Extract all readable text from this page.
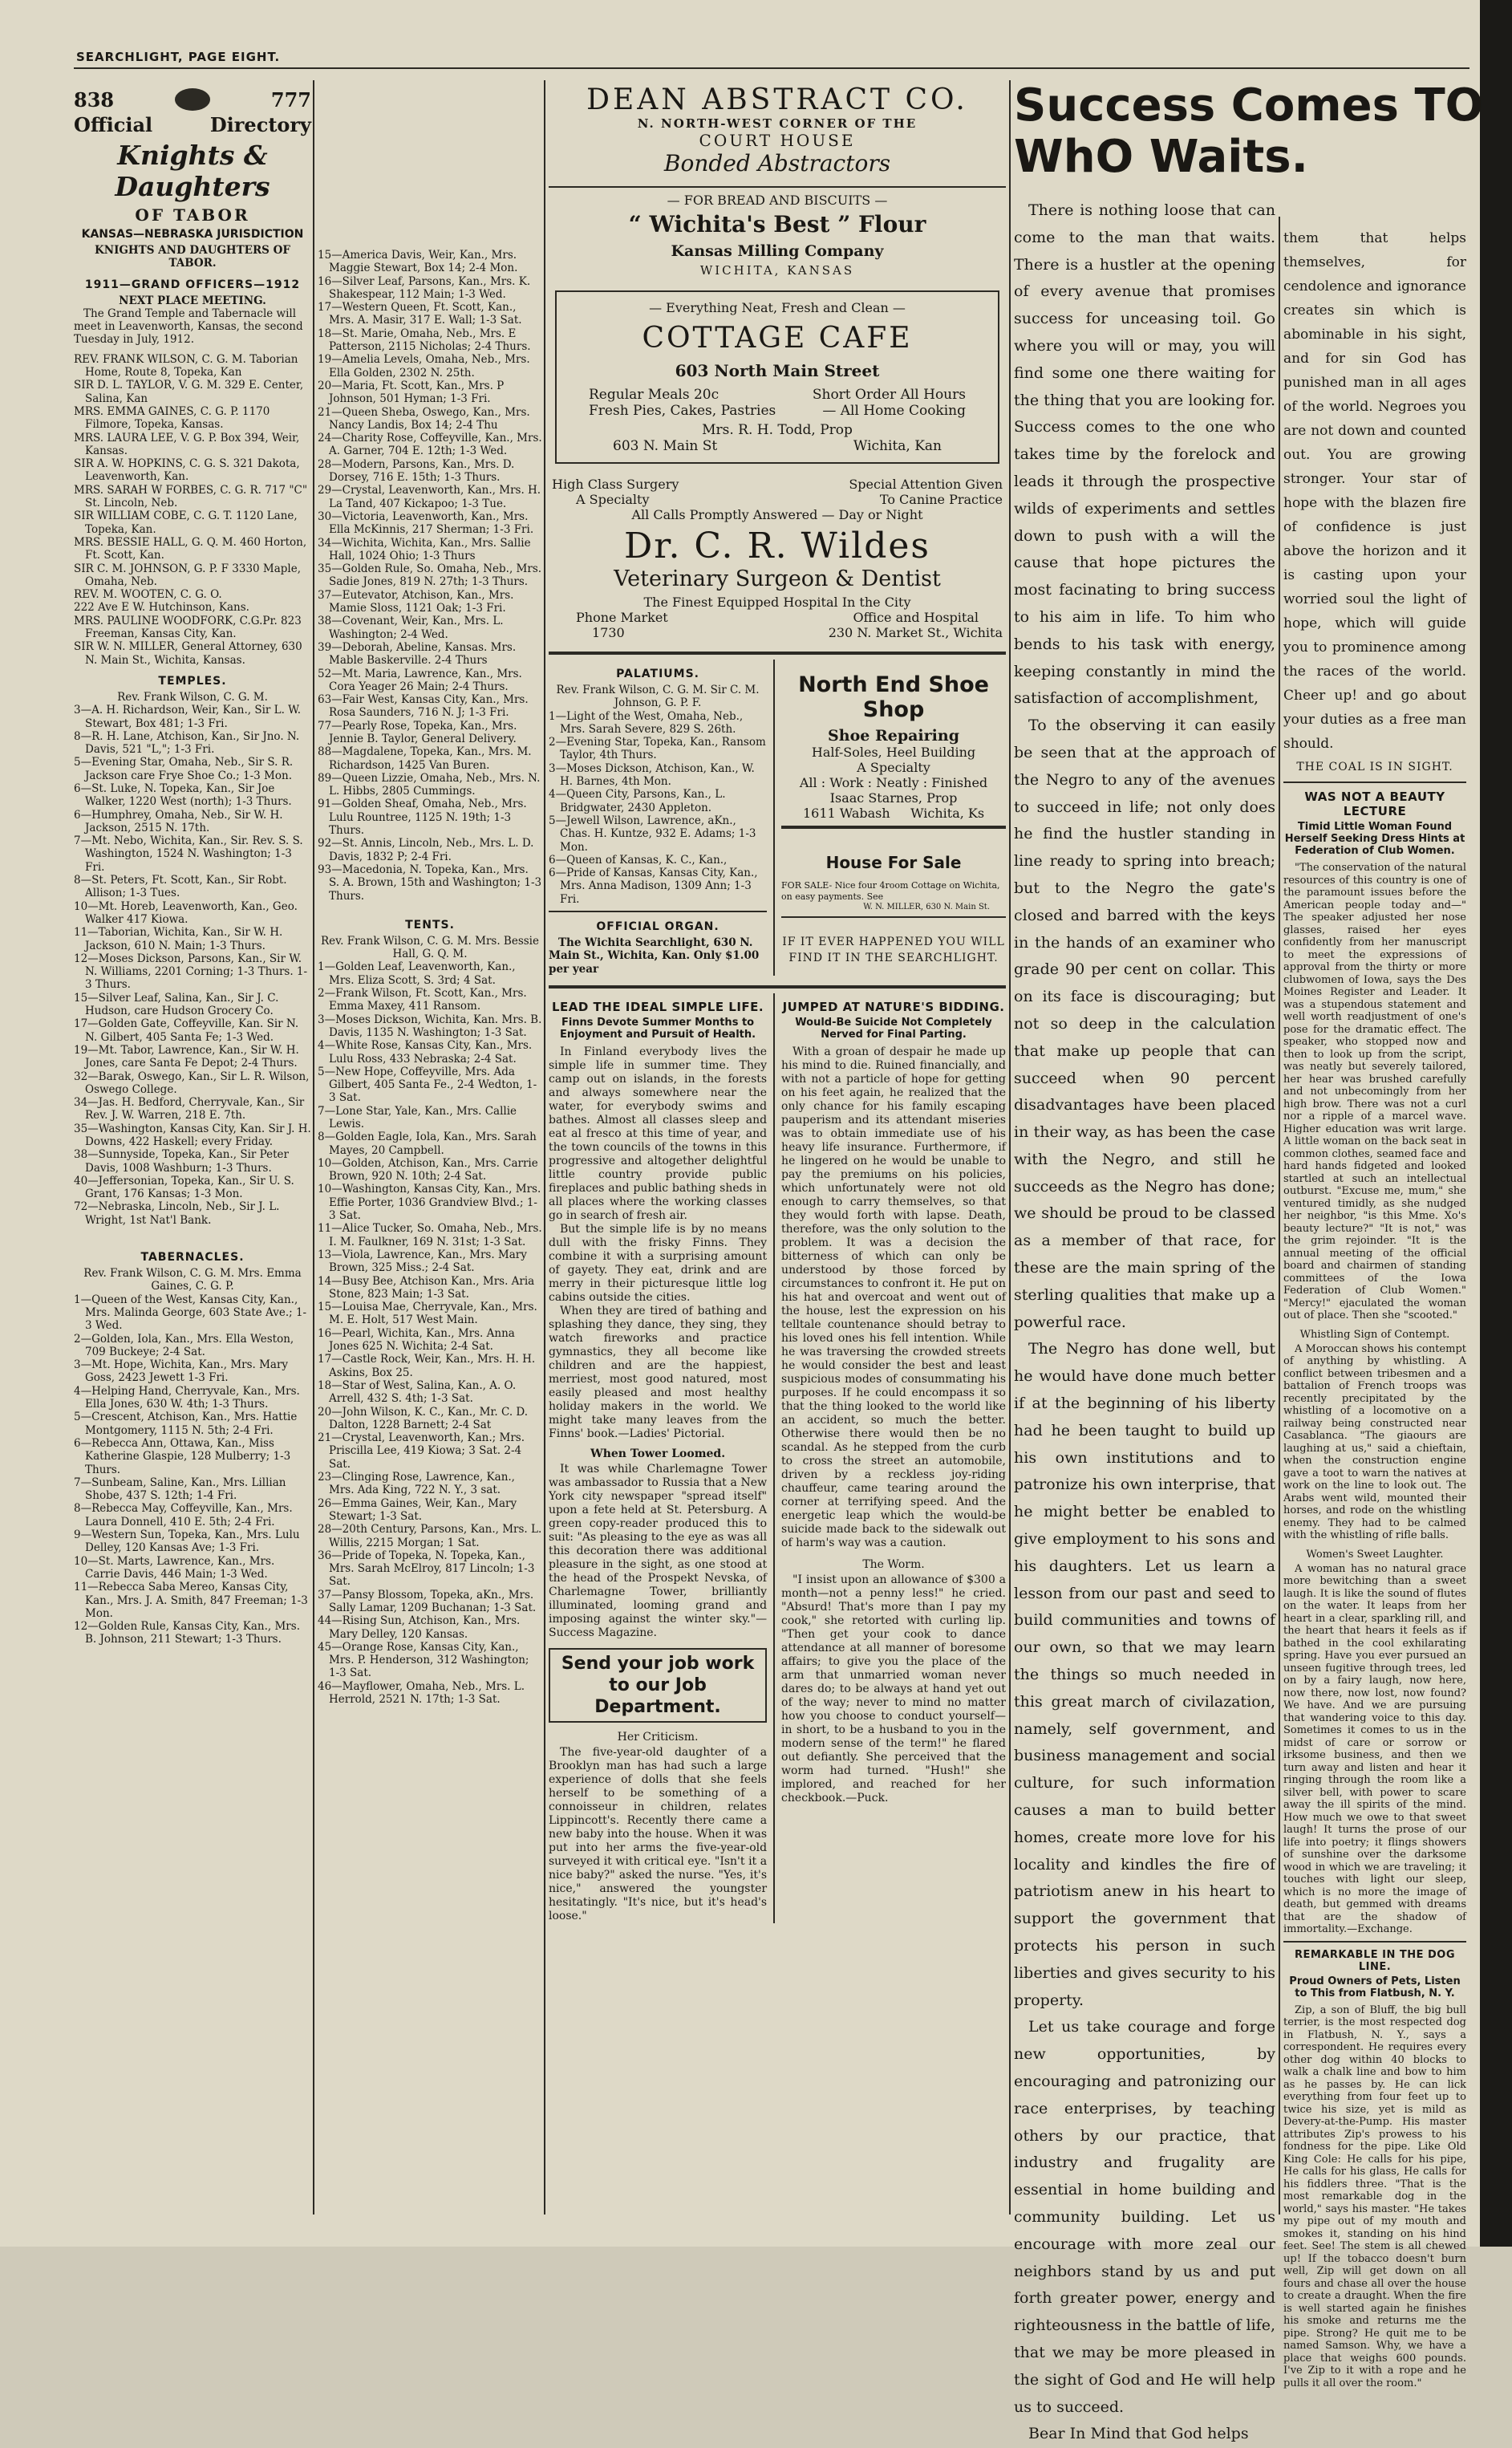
SEARCHLIGHT, PAGE EIGHT.
838	777
Official	Directory
Knights & Daughters
OF TABOR
KANSAS—NEBRASKA JURISDICTION
KNIGHTS AND DAUGHTERS OF TABOR.
1911—GRAND OFFICERS—1912
NEXT PLACE MEETING.
The Grand Temple and Tabernacle will meet in Leavenworth, Kansas, the second Tuesday in July, 1912.
REV. FRANK WILSON, C. G. M. Taborian Home, Route 8, Topeka, Kan
SIR D. L. TAYLOR, V. G. M. 329 E. Center, Salina, Kan
MRS. EMMA GAINES, C. G. P. 1170 Filmore, Topeka, Kansas.
MRS. LAURA LEE, V. G. P. Box 394, Weir, Kansas.
SIR A. W. HOPKINS, C. G. S. 321 Dakota, Leavenworth, Kan.
MRS. SARAH W FORBES, C. G. R. 717 "C" St. Lincoln, Neb.
SIR WILLIAM COBE, C. G. T. 1120 Lane, Topeka, Kan.
MRS. BESSIE HALL, G. Q. M. 460 Horton, Ft. Scott, Kan.
SIR C. M. JOHNSON, G. P. F 3330 Maple, Omaha, Neb.
REV. M. WOOTEN, C. G. O.
222 Ave E W. Hutchinson, Kans.
MRS. PAULINE WOODFORK, C.G.Pr. 823 Freeman, Kansas City, Kan.
SIR W. N. MILLER, General Attorney, 630 N. Main St., Wichita, Kansas.
TEMPLES.
Rev. Frank Wilson, C. G. M.
3—A. H. Richardson, Weir, Kan., Sir L. W. Stewart, Box 481; 1-3 Fri.
8—R. H. Lane, Atchison, Kan., Sir Jno. N. Davis, 521 "L,"; 1-3 Fri.
5—Evening Star, Omaha, Neb., Sir S. R. Jackson care Frye Shoe Co.; 1-3 Mon.
6—St. Luke, N. Topeka, Kan., Sir Joe Walker, 1220 West (north); 1-3 Thurs.
6—Humphrey, Omaha, Neb., Sir W. H. Jackson, 2515 N. 17th.
7—Mt. Nebo, Wichita, Kan., Sir. Rev. S. S. Washington, 1524 N. Washington; 1-3 Fri.
8—St. Peters, Ft. Scott, Kan., Sir Robt. Allison; 1-3 Tues.
10—Mt. Horeb, Leavenworth, Kan., Geo. Walker 417 Kiowa.
11—Taborian, Wichita, Kan., Sir W. H. Jackson, 610 N. Main; 1-3 Thurs.
12—Moses Dickson, Parsons, Kan., Sir W. N. Williams, 2201 Corning; 1-3 Thurs. 1-3 Thurs.
15—Silver Leaf, Salina, Kan., Sir J. C. Hudson, care Hudson Grocery Co.
17—Golden Gate, Coffeyville, Kan. Sir N. N. Gilbert, 405 Santa Fe; 1-3 Wed.
19—Mt. Tabor, Lawrence, Kan., Sir W. H. Jones, care Santa Fe Depot; 2-4 Thurs.
32—Barak, Oswego, Kan., Sir L. R. Wilson, Oswego College.
34—Jas. H. Bedford, Cherryvale, Kan., Sir Rev. J. W. Warren, 218 E. 7th.
35—Washington, Kansas City, Kan. Sir J. H. Downs, 422 Haskell; every Friday.
38—Sunnyside, Topeka, Kan., Sir Peter Davis, 1008 Washburn; 1-3 Thurs.
40—Jeffersonian, Topeka, Kan., Sir U. S. Grant, 176 Kansas; 1-3 Mon.
72—Nebraska, Lincoln, Neb., Sir J. L. Wright, 1st Nat'l Bank.
TABERNACLES.
Rev. Frank Wilson, C. G. M. Mrs. Emma Gaines, C. G. P.
1—Queen of the West, Kansas City, Kan., Mrs. Malinda George, 603 State Ave.; 1-3 Wed.
2—Golden, Iola, Kan., Mrs. Ella Weston, 709 Buckeye; 2-4 Sat.
3—Mt. Hope, Wichita, Kan., Mrs. Mary Goss, 2423 Jewett 1-3 Fri.
4—Helping Hand, Cherryvale, Kan., Mrs. Ella Jones, 630 W. 4th; 1-3 Thurs.
5—Crescent, Atchison, Kan., Mrs. Hattie Montgomery, 1115 N. 5th; 2-4 Fri.
6—Rebecca Ann, Ottawa, Kan., Miss Katherine Glaspie, 128 Mulberry; 1-3 Thurs.
7—Sunbeam, Saline, Kan., Mrs. Lillian Shobe, 437 S. 12th; 1-4 Fri.
8—Rebecca May, Coffeyville, Kan., Mrs. Laura Donnell, 410 E. 5th; 2-4 Fri.
9—Western Sun, Topeka, Kan., Mrs. Lulu Delley, 120 Kansas Ave; 1-3 Fri.
10—St. Marts, Lawrence, Kan., Mrs. Carrie Davis, 446 Main; 1-3 Wed.
11—Rebecca Saba Mereo, Kansas City, Kan., Mrs. J. A. Smith, 847 Freeman; 1-3 Mon.
12—Golden Rule, Kansas City, Kan., Mrs. B. Johnson, 211 Stewart; 1-3 Thurs.
15—America Davis, Weir, Kan., Mrs. Maggie Stewart, Box 14; 2-4 Mon.
16—Silver Leaf, Parsons, Kan., Mrs. K. Shakespear, 112 Main; 1-3 Wed.
17—Western Queen, Ft. Scott, Kan., Mrs. A. Masir, 317 E. Wall; 1-3 Sat.
18—St. Marie, Omaha, Neb., Mrs. E Patterson, 2115 Nicholas; 2-4 Thurs.
19—Amelia Levels, Omaha, Neb., Mrs. Ella Golden, 2302 N. 25th.
20—Maria, Ft. Scott, Kan., Mrs. P Johnson, 501 Hyman; 1-3 Fri.
21—Queen Sheba, Oswego, Kan., Mrs. Nancy Landis, Box 14; 2-4 Thu
24—Charity Rose, Coffeyville, Kan., Mrs. A. Garner, 704 E. 12th; 1-3 Wed.
28—Modern, Parsons, Kan., Mrs. D. Dorsey, 716 E. 15th; 1-3 Thurs.
29—Crystal, Leavenworth, Kan., Mrs. H. La Tand, 407 Kickapoo; 1-3 Tue.
30—Victoria, Leavenworth, Kan., Mrs. Ella McKinnis, 217 Sherman; 1-3 Fri.
34—Wichita, Wichita, Kan., Mrs. Sallie Hall, 1024 Ohio; 1-3 Thurs
35—Golden Rule, So. Omaha, Neb., Mrs. Sadie Jones, 819 N. 27th; 1-3 Thurs.
37—Eutevator, Atchison, Kan., Mrs. Mamie Sloss, 1121 Oak; 1-3 Fri.
38—Covenant, Weir, Kan., Mrs. L. Washington; 2-4 Wed.
39—Deborah, Abeline, Kansas. Mrs. Mable Baskerville. 2-4 Thurs
52—Mt. Maria, Lawrence, Kan., Mrs. Cora Yeager 26 Main; 2-4 Thurs.
63—Fair West, Kansas City, Kan., Mrs. Rosa Saunders, 716 N. J; 1-3 Fri.
77—Pearly Rose, Topeka, Kan., Mrs. Jennie B. Taylor, General Delivery.
88—Magdalene, Topeka, Kan., Mrs. M. Richardson, 1425 Van Buren.
89—Queen Lizzie, Omaha, Neb., Mrs. N. L. Hibbs, 2805 Cummings.
91—Golden Sheaf, Omaha, Neb., Mrs. Lulu Rountree, 1125 N. 19th; 1-3 Thurs.
92—St. Annis, Lincoln, Neb., Mrs. L. D. Davis, 1832 P; 2-4 Fri.
93—Macedonia, N. Topeka, Kan., Mrs. S. A. Brown, 15th and Washington; 1-3 Thurs.
TENTS.
Rev. Frank Wilson, C. G. M. Mrs. Bessie Hall, G. Q. M.
1—Golden Leaf, Leavenworth, Kan., Mrs. Eliza Scott, S. 3rd; 4 Sat.
2—Frank Wilson, Ft. Scott, Kan., Mrs. Emma Maxey, 411 Ransom.
3—Moses Dickson, Wichita, Kan. Mrs. B. Davis, 1135 N. Washington; 1-3 Sat.
4—White Rose, Kansas City, Kan., Mrs. Lulu Ross, 433 Nebraska; 2-4 Sat.
5—New Hope, Coffeyville, Mrs. Ada Gilbert, 405 Santa Fe., 2-4 Wedton, 1-3 Sat.
7—Lone Star, Yale, Kan., Mrs. Callie Lewis.
8—Golden Eagle, Iola, Kan., Mrs. Sarah Mayes, 20 Campbell.
10—Golden, Atchison, Kan., Mrs. Carrie Brown, 920 N. 10th; 2-4 Sat.
10—Washington, Kansas City, Kan., Mrs. Effie Porter, 1036 Grandview Blvd.; 1-3 Sat.
11—Alice Tucker, So. Omaha, Neb., Mrs. I. M. Faulkner, 169 N. 31st; 1-3 Sat.
13—Viola, Lawrence, Kan., Mrs. Mary Brown, 325 Miss.; 2-4 Sat.
14—Busy Bee, Atchison Kan., Mrs. Aria Stone, 823 Main; 1-3 Sat.
15—Louisa Mae, Cherryvale, Kan., Mrs. M. E. Holt, 517 West Main.
16—Pearl, Wichita, Kan., Mrs. Anna Jones 625 N. Wichita; 2-4 Sat.
17—Castle Rock, Weir, Kan., Mrs. H. H. Askins, Box 25.
18—Star of West, Salina, Kan., A. O. Arrell, 432 S. 4th; 1-3 Sat.
20—John Wilson, K. C., Kan., Mr. C. D. Dalton, 1228 Barnett; 2-4 Sat
21—Crystal, Leavenworth, Kan.; Mrs. Priscilla Lee, 419 Kiowa; 3 Sat. 2-4 Sat.
23—Clinging Rose, Lawrence, Kan., Mrs. Ada King, 722 N. Y., 3 sat.
26—Emma Gaines, Weir, Kan., Mary Stewart; 1-3 Sat.
28—20th Century, Parsons, Kan., Mrs. L. Willis, 2215 Morgan; 1 Sat.
36—Pride of Topeka, N. Topeka, Kan., Mrs. Sarah McElroy, 817 Lincoln; 1-3 Sat.
37—Pansy Blossom, Topeka, aKn., Mrs. Sally Lamar, 1209 Buchanan; 1-3 Sat.
44—Rising Sun, Atchison, Kan., Mrs. Mary Delley, 120 Kansas.
45—Orange Rose, Kansas City, Kan., Mrs. P. Henderson, 312 Washington; 1-3 Sat.
46—Mayflower, Omaha, Neb., Mrs. L. Herrold, 2521 N. 17th; 1-3 Sat.
DEAN ABSTRACT CO.
N. NORTH-WEST CORNER OF THE
COURT HOUSE
Bonded Abstractors
— FOR BREAD AND BISCUITS —
“ Wichita's Best ” Flour
Kansas Milling Company
WICHITA, KANSAS
— Everything Neat, Fresh and Clean —
COTTAGE CAFE
603 North Main Street
Regular Meals 20c	Short Order All Hours
Fresh Pies, Cakes, Pastries	— All Home Cooking
Mrs. R. H. Todd, Prop
603 N. Main St	Wichita, Kan
High Class Surgery	Special Attention Given
A Specialty	To Canine Practice
All Calls Promptly Answered — Day or Night
Dr. C. R. Wildes
Veterinary Surgeon & Dentist
The Finest Equipped Hospital In the City
Phone Market	Office and Hospital
1730	230 N. Market St., Wichita
PALATIUMS.
Rev. Frank Wilson, C. G. M. Sir C. M. Johnson, G. P. F.
1—Light of the West, Omaha, Neb., Mrs. Sarah Severe, 829 S. 26th.
2—Evening Star, Topeka, Kan., Ransom Taylor, 4th Thurs.
3—Moses Dickson, Atchison, Kan., W. H. Barnes, 4th Mon.
4—Queen City, Parsons, Kan., L. Bridgwater, 2430 Appleton.
5—Jewell Wilson, Lawrence, aKn., Chas. H. Kuntze, 932 E. Adams; 1-3 Mon.
6—Queen of Kansas, K. C., Kan.,
6—Pride of Kansas, Kansas City, Kan., Mrs. Anna Madison, 1309 Ann; 1-3 Fri.
OFFICIAL ORGAN.
The Wichita Searchlight, 630 N. Main St., Wichita, Kan. Only $1.00 per year
North End Shoe Shop
Shoe Repairing
Half-Soles, Heel Building
A Specialty
All : Work : Neatly : Finished
Isaac Starnes, Prop
1611 Wabash     Wichita, Ks
House For Sale
FOR SALE- Nice four 4room Cottage on Wichita, on easy payments. See
W. N. MILLER, 630 N. Main St.
IF IT EVER HAPPENED YOU WILL FIND IT IN THE SEARCHLIGHT.
LEAD THE IDEAL SIMPLE LIFE.
Finns Devote Summer Months to Enjoyment and Pursuit of Health.
In Finland everybody lives the simple life in summer time. They camp out on islands, in the forests and always somewhere near the water, for everybody swims and bathes. Almost all classes sleep and eat al fresco at this time of year, and the town councils of the towns in this progressive and altogether delightful little country provide public fireplaces and public bathing sheds in all places where the working classes go in search of fresh air.
But the simple life is by no means dull with the frisky Finns. They combine it with a surprising amount of gayety. They eat, drink and are merry in their picturesque little log cabins outside the cities.
When they are tired of bathing and splashing they dance, they sing, they watch fireworks and practice gymnastics, they all become like children and are the happiest, merriest, most good natured, most easily pleased and most healthy holiday makers in the world. We might take many leaves from the Finns' book.—Ladies' Pictorial.
When Tower Loomed.
It was while Charlemagne Tower was ambassador to Russia that a New York city newspaper "spread itself" upon a fete held at St. Petersburg. A green copy-reader produced this to suit: "As pleasing to the eye as was all this decoration there was additional pleasure in the sight, as one stood at the head of the Prospekt Nevska, of Charlemagne Tower, brilliantly illuminated, looming grand and imposing against the winter sky."—Success Magazine.
Send your job work to our Job Department.
Her Criticism.
The five-year-old daughter of a Brooklyn man has had such a large experience of dolls that she feels herself to be something of a connoisseur in children, relates Lippincott's. Recently there came a new baby into the house. When it was put into her arms the five-year-old surveyed it with critical eye. "Isn't it a nice baby?" asked the nurse. "Yes, it's nice," answered the youngster hesitatingly. "It's nice, but it's head's loose."
JUMPED AT NATURE'S BIDDING.
Would-Be Suicide Not Completely Nerved for Final Parting.
With a groan of despair he made up his mind to die. Ruined financially, and with not a particle of hope for getting on his feet again, he realized that the only chance for his family escaping pauperism and its attendant miseries was to obtain immediate use of his heavy life insurance. Furthermore, if he lingered on he would be unable to pay the premiums on his policies, which unfortunately were not old enough to carry themselves, so that they would forth with lapse. Death, therefore, was the only solution to the problem. It was a decision the bitterness of which can only be understood by those forced by circumstances to confront it. He put on his hat and overcoat and went out of the house, lest the expression on his telltale countenance should betray to his loved ones his fell intention. While he was traversing the crowded streets he would consider the best and least suspicious modes of consummating his purposes. If he could encompass it so that the thing looked to the world like an accident, so much the better. Otherwise there would then be no scandal. As he stepped from the curb to cross the street an automobile, driven by a reckless joy-riding chauffeur, came tearing around the corner at terrifying speed. And the energetic leap which the would-be suicide made back to the sidewalk out of harm's way was a caution.
The Worm.
"I insist upon an allowance of $300 a month—not a penny less!" he cried. "Absurd! That's more than I pay my cook," she retorted with curling lip. "Then get your cook to dance attendance at all manner of boresome affairs; to give you the place of the arm that unmarried woman never dares do; to be always at hand yet out of the way; never to mind no matter how you choose to conduct yourself—in short, to be a husband to you in the modern sense of the term!" he flared out defiantly. She perceived that the worm had turned. "Hush!" she implored, and reached for her checkbook.—Puck.
Success Comes TO WhO Waits.
There is nothing loose that can come to the man that waits. There is a hustler at the opening of every avenue that promises success for unceasing toil. Go where you will or may, you will find some one there waiting for the thing that you are looking for. Success comes to the one who takes time by the forelock and leads it through the prospective wilds of experiments and settles down to push with a will the cause that hope pictures the most facinating to bring success to his aim in life. To him who bends to his task with energy, keeping constantly in mind the satisfaction of accomplishment,
To the observing it can easily be seen that at the approach of the Negro to any of the avenues to succeed in life; not only does he find the hustler standing in line ready to spring into breach; but to the Negro the gate's closed and barred with the keys in the hands of an examiner who grade 90 per cent on collar. This on its face is discouraging; but not so deep in the calculation that make up people that can succeed when 90 percent disadvantages have been placed in their way, as has been the case with the Negro, and still he succeeds as the Negro has done; we should be proud to be classed as a member of that race, for these are the main spring of the sterling qualities that make up a powerful race.
The Negro has done well, but he would have done much better if at the beginning of his liberty had he been taught to build up his own institutions and to patronize his own interprise, that he might better be enabled to give employment to his sons and his daughters. Let us learn a lesson from our past and seed to build communities and towns of our own, so that we may learn the things so much needed in this great march of civilazation, namely, self government, and business management and social culture, for such information causes a man to build better homes, create more love for his locality and kindles the fire of patriotism anew in his heart to support the government that protects his person in such liberties and gives security to his property.
Let us take courage and forge new opportunities, by encouraging and patronizing our race enterprises, by teaching others by our practice, that industry and frugality are essential in home building and community building. Let us encourage with more zeal our neighbors stand by us and put forth greater power, energy and righteousness in the battle of life, that we may be more pleased in the sight of God and He will help us to succeed.
Bear In Mind that God helps
them that helps themselves, for cendolence and ignorance creates sin which is abominable in his sight, and for sin God has punished man in all ages of the world. Negroes you are not down and counted out. You are growing stronger. Your star of hope with the blazen fire of confidence is just above the horizon and it is casting upon your worried soul the light of hope, which will guide you to prominence among the races of the world. Cheer up! and go about your duties as a free man should.
THE COAL IS IN SIGHT.
WAS NOT A BEAUTY LECTURE
Timid Little Woman Found Herself Seeking Dress Hints at Federation of Club Women.
"The conservation of the natural resources of this country is one of the paramount issues before the American people today and—" The speaker adjusted her nose glasses, raised her eyes confidently from her manuscript to meet the expressions of approval from the thirty or more clubwomen of Iowa, says the Des Moines Register and Leader. It was a stupendous statement and well worth readjustment of one's pose for the dramatic effect. The speaker, who stopped now and then to look up from the script, was neatly but severely tailored, her hear was brushed carefully and not unbecomingly from her high brow. There was not a curl nor a ripple of a marcel wave. Higher education was writ large. A little woman on the back seat in common clothes, seamed face and hard hands fidgeted and looked startled at such an intellectual outburst. "Excuse me, mum," she ventured timidly, as she nudged her neighbor, "is this Mme. Xo's beauty lecture?" "It is not," was the grim rejoinder. "It is the annual meeting of the official board and chairmen of standing committees of the Iowa Federation of Club Women." "Mercy!" ejaculated the woman out of place. Then she "scooted."
Whistling Sign of Contempt.
A Moroccan shows his contempt of anything by whistling. A conflict between tribesmen and a battalion of French troops was recently precipitated by the whistling of a locomotive on a railway being constructed near Casablanca. "The giaours are laughing at us," said a chieftain, when the construction engine gave a toot to warn the natives at work on the line to look out. The Arabs went wild, mounted their horses, and rode on the whistling enemy. They had to be calmed with the whistling of rifle balls.
Women's Sweet Laughter.
A woman has no natural grace more bewitching than a sweet laugh. It is like the sound of flutes on the water. It leaps from her heart in a clear, sparkling rill, and the heart that hears it feels as if bathed in the cool exhilarating spring. Have you ever pursued an unseen fugitive through trees, led on by a fairy laugh, now here, now there, now lost, now found? We have. And we are pursuing that wandering voice to this day. Sometimes it comes to us in the midst of care or sorrow or irksome business, and then we turn away and listen and hear it ringing through the room like a silver bell, with power to scare away the ill spirits of the mind. How much we owe to that sweet laugh! It turns the prose of our life into poetry; it flings showers of sunshine over the darksome wood in which we are traveling; it touches with light our sleep, which is no more the image of death, but gemmed with dreams that are the shadow of immortality.—Exchange.
REMARKABLE IN THE DOG LINE.
Proud Owners of Pets, Listen to This from Flatbush, N. Y.
Zip, a son of Bluff, the big bull terrier, is the most respected dog in Flatbush, N. Y., says a correspondent. He requires every other dog within 40 blocks to walk a chalk line and bow to him as he passes by. He can lick everything from four feet up to twice his size, yet is mild as Devery-at-the-Pump. His master attributes Zip's prowess to his fondness for the pipe. Like Old King Cole: He calls for his pipe, He calls for his glass, He calls for his fiddlers three. "That is the most remarkable dog in the world," says his master. "He takes my pipe out of my mouth and smokes it, standing on his hind feet. See! The stem is all chewed up! If the tobacco doesn't burn well, Zip will get down on all fours and chase all over the house to create a draught. When the fire is well started again he finishes his smoke and returns me the pipe. Strong? He quit me to be named Samson. Why, we have a place that weighs 600 pounds. I've Zip to it with a rope and he pulls it all over the room."
